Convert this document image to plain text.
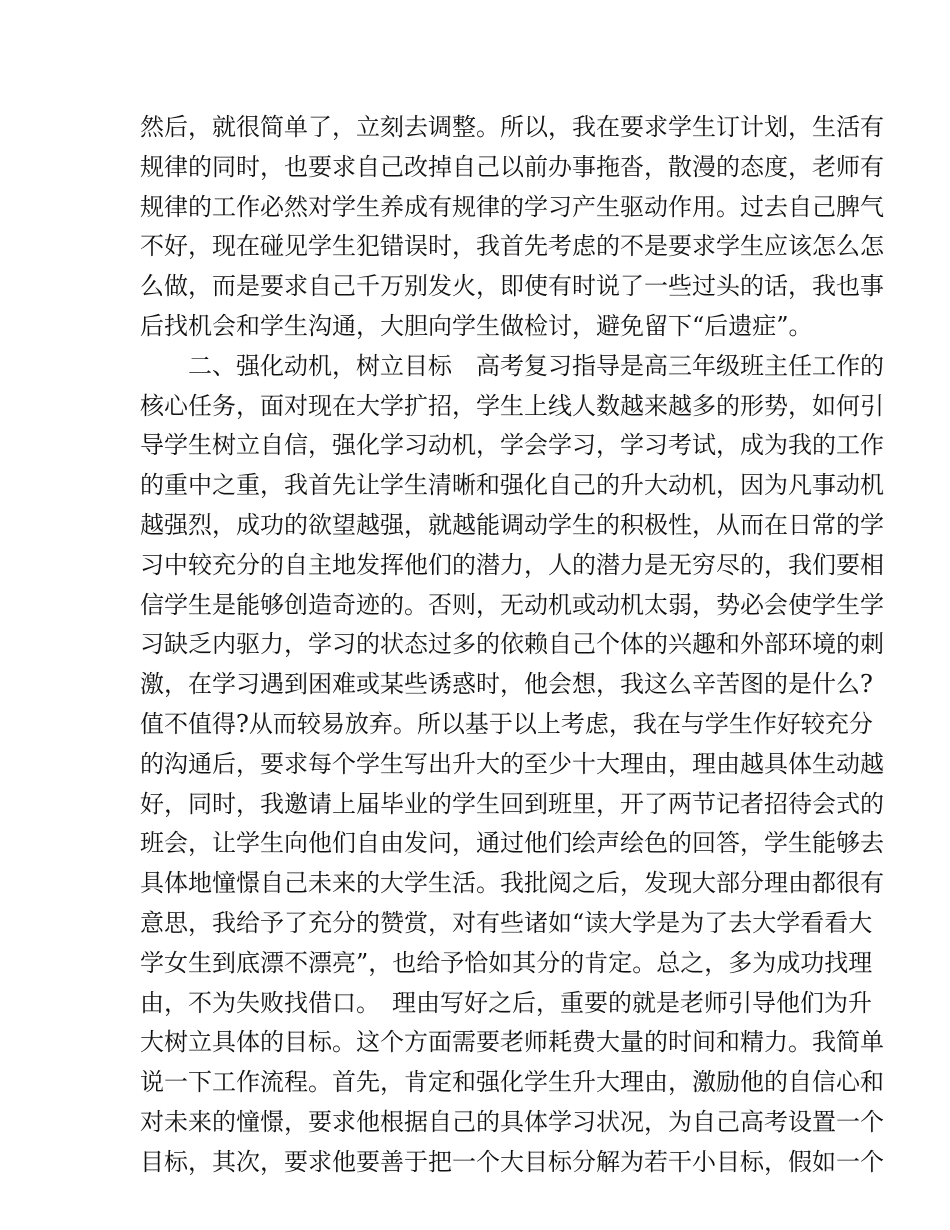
然后，就很简单了，立刻去调整。所以，我在要求学生订计划，生活有
规律的同时，也要求自己改掉自己以前办事拖沓，散漫的态度，老师有
规律的工作必然对学生养成有规律的学习产生驱动作用。过去自己脾气
不好，现在碰见学生犯错误时，我首先考虑的不是要求学生应该怎么怎
么做，而是要求自己千万别发火，即使有时说了一些过头的话，我也事
后找机会和学生沟通，大胆向学生做检讨，避免留下“后遗症”。
二、强化动机，树立目标　高考复习指导是高三年级班主任工作的
核心任务，面对现在大学扩招，学生上线人数越来越多的形势，如何引
导学生树立自信，强化学习动机，学会学习，学习考试，成为我的工作
的重中之重，我首先让学生清晰和强化自己的升大动机，因为凡事动机
越强烈，成功的欲望越强，就越能调动学生的积极性，从而在日常的学
习中较充分的自主地发挥他们的潜力，人的潜力是无穷尽的，我们要相
信学生是能够创造奇迹的。否则，无动机或动机太弱，势必会使学生学
习缺乏内驱力，学习的状态过多的依赖自己个体的兴趣和外部环境的刺
激，在学习遇到困难或某些诱惑时，他会想，我这么辛苦图的是什么?
值不值得?从而较易放弃。所以基于以上考虑，我在与学生作好较充分
的沟通后，要求每个学生写出升大的至少十大理由，理由越具体生动越
好，同时，我邀请上届毕业的学生回到班里，开了两节记者招待会式的
班会，让学生向他们自由发问，通过他们绘声绘色的回答，学生能够去
具体地憧憬自己未来的大学生活。我批阅之后，发现大部分理由都很有
意思，我给予了充分的赞赏，对有些诸如“读大学是为了去大学看看大
学女生到底漂不漂亮”，也给予恰如其分的肯定。总之，多为成功找理
由，不为失败找借口。　理由写好之后，重要的就是老师引导他们为升
大树立具体的目标。这个方面需要老师耗费大量的时间和精力。我简单
说一下工作流程。首先，肯定和强化学生升大理由，激励他的自信心和
对未来的憧憬，要求他根据自己的具体学习状况，为自己高考设置一个
目标，其次，要求他要善于把一个大目标分解为若干小目标，假如一个
